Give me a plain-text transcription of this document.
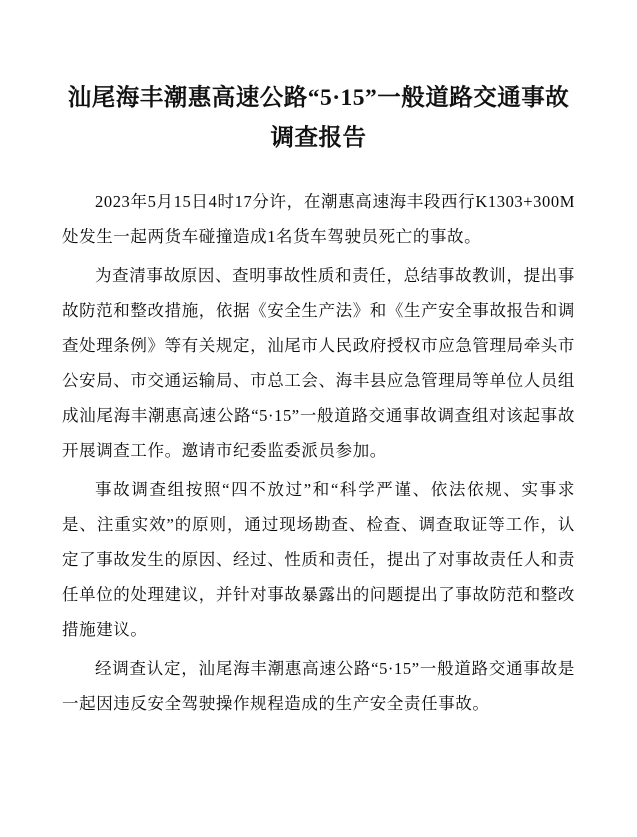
汕尾海丰潮惠高速公路“5·15”一般道路交通事故调查报告

2023年5月15日4时17分许，在潮惠高速海丰段西行K1303+300M处发生一起两货车碰撞造成1名货车驾驶员死亡的事故。

为查清事故原因、查明事故性质和责任，总结事故教训，提出事故防范和整改措施，依据《安全生产法》和《生产安全事故报告和调查处理条例》等有关规定，汕尾市人民政府授权市应急管理局牵头市公安局、市交通运输局、市总工会、海丰县应急管理局等单位人员组成汕尾海丰潮惠高速公路“5·15”一般道路交通事故调查组对该起事故开展调查工作。邀请市纪委监委派员参加。

事故调查组按照“四不放过”和“科学严谨、依法依规、实事求是、注重实效”的原则，通过现场勘查、检查、调查取证等工作，认定了事故发生的原因、经过、性质和责任，提出了对事故责任人和责任单位的处理建议，并针对事故暴露出的问题提出了事故防范和整改措施建议。

经调查认定，汕尾海丰潮惠高速公路“5·15”一般道路交通事故是一起因违反安全驾驶操作规程造成的生产安全责任事故。
